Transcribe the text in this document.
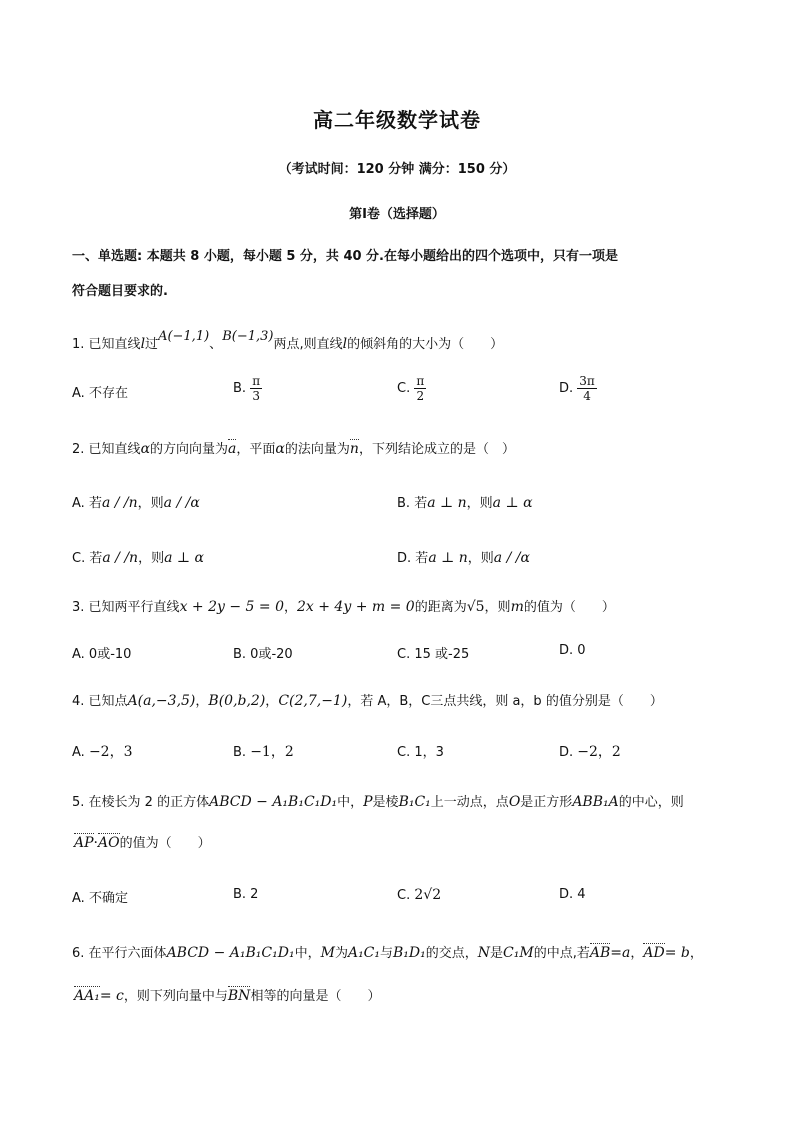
高二年级数学试卷
（考试时间：120 分钟 满分：150 分）
第Ⅰ卷（选择题）
一、单选题: 本题共 8 小题，每小题 5 分，共 40 分.在每小题给出的四个选项中，只有一项是
符合题目要求的.
1. 已知直线l过A(−1,1)、B(−1,3)两点,则直线l的倾斜角的大小为（　　）
A. 不存在	B. $\frac{\pi}{3}$	C. $\frac{\pi}{2}$	D. $\frac{3\pi}{4}$
2. 已知直线α的方向向量为a，平面α的法向量为n，下列结论成立的是（　）
A. 若a / /n，则a / /α	B. 若a ⊥ n，则a ⊥ α
C. 若a / /n，则a ⊥ α	D. 若a ⊥ n，则a / /α
3. 已知两平行直线x + 2y − 5 = 0，2x + 4y + m = 0的距离为√5，则m的值为（　　）
A. 0或-10	B. 0或-20	C. 15 或-25	D. 0
4. 已知点A(a,−3,5)，B(0,b,2)，C(2,7,−1)，若 A，B，C三点共线，则 a，b 的值分别是（　　）
A. −2，3	B. −1，2	C. 1，3	D. −2，2
5. 在棱长为 2 的正方体ABCD − A₁B₁C₁D₁中，P是棱B₁C₁上一动点，点O是正方形ABB₁A的中心，则
AP·AO的值为（　　）
A. 不确定	B. 2	C. 2√2	D. 4
6. 在平行六面体ABCD − A₁B₁C₁D₁中，M为A₁C₁与B₁D₁的交点，N是C₁M的中点,若AB=a，AD= b，
AA₁= c，则下列向量中与BN相等的向量是（　　）
